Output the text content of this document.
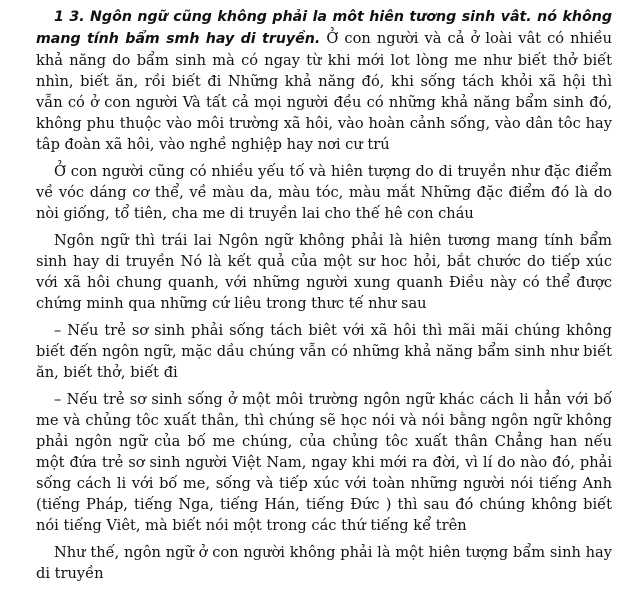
1 3. Ngôn ngữ cũng không phải la môt hiên tương sinh vât. nó không mang tính bẩm smh hay di truyền. Ở con người và cả ở loài vât có nhiều khả năng do bẩm sinh mà có ngay từ khi mới lot lòng me như biết thở biết nhìn, biết ăn, rồi biết đi Những khả năng đó, khi sống tách khỏi xã hội thì vẫn có ở con người Và tất cả mọi người đều có những khả năng bẩm sinh đó, không phu thuộc vào môi trường xã hôi, vào hoàn cảnh sống, vào dân tôc hay tâp đoàn xã hôi, vào nghề nghiệp hay nơi cư trú

Ở con người cũng có nhiều yếu tố và hiên tượng do di truyền như đặc điểm về vóc dáng cơ thể, về màu da, màu tóc, màu mắt Những đặc điểm đó là do nòi giống, tổ tiên, cha me di truyền lai cho thế hê con cháu

Ngôn ngữ thì trái lai Ngôn ngữ không phải là hiên tương mang tính bẩm sinh hay di truyền Nó là kết quả của một sư hoc hỏi, bắt chước do tiếp xúc với xã hôi chung quanh, với những người xung quanh Điều này có thể được chứng minh qua những cứ liêu trong thưc tế như sau

– Nếu trẻ sơ sinh phải sống tách biêt với xã hôi thì mãi mãi chúng không biết đến ngôn ngữ, mặc dầu chúng vẫn có những khả năng bẩm sinh như biết ăn, biết thở, biết đi

– Nếu trẻ sơ sinh sống ở một môi trường ngôn ngữ khác cách li hẳn với bố me và chủng tôc xuất thân, thì chúng sẽ học nói và nói bằng ngôn ngữ không phải ngôn ngữ của bố me chúng, của chủng tôc xuất thân Chẳng han nếu một đứa trẻ sơ sinh người Việt Nam, ngay khi mới ra đời, vì lí do nào đó, phải sống cách li với bố me, sống và tiếp xúc với toàn những người nói tiếng Anh (tiếng Pháp, tiếng Nga, tiếng Hán, tiếng Đức ) thì sau đó chúng không biết nói tiếng Viêt, mà biết nói một trong các thứ tiếng kể trên

Như thế, ngôn ngữ ở con người không phải là một hiên tượng bẩm sinh hay di truyền
